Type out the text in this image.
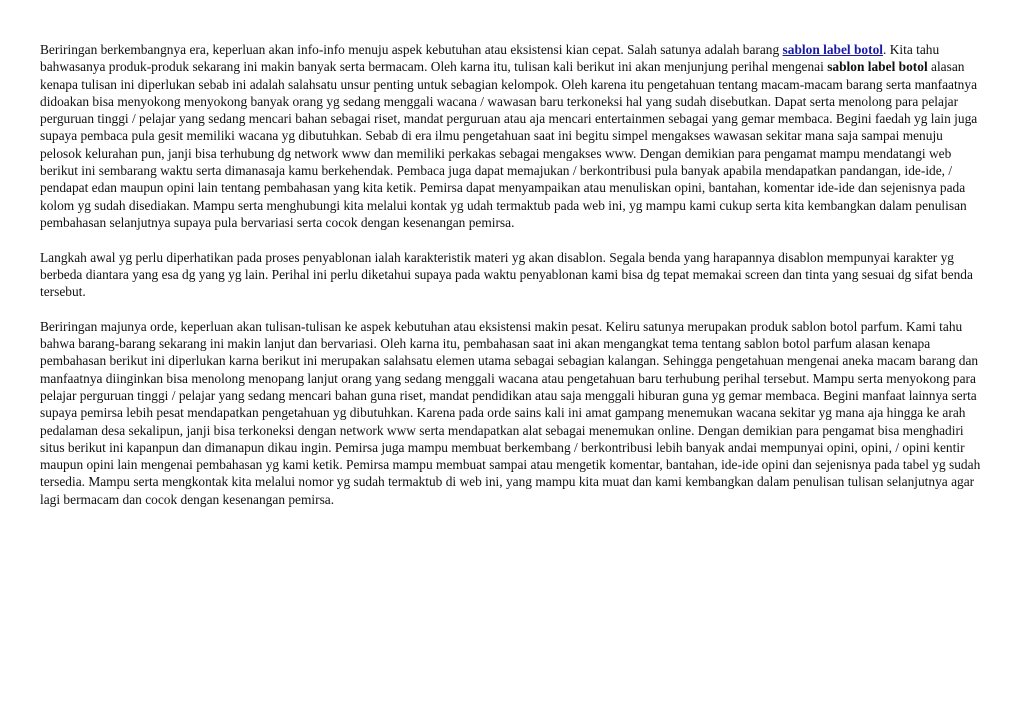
Beriringan berkembangnya era, keperluan akan info-info menuju aspek kebutuhan atau eksistensi kian cepat. Salah satunya adalah barang sablon label botol. Kita tahu bahwasanya produk-produk sekarang ini makin banyak serta bermacam. Oleh karna itu, tulisan kali berikut ini akan menjunjung perihal mengenai sablon label botol alasan kenapa tulisan ini diperlukan sebab ini adalah salahsatu unsur penting untuk sebagian kelompok. Oleh karena itu pengetahuan tentang macam-macam barang serta manfaatnya didoakan bisa menyokong menyokong banyak orang yg sedang menggali wacana / wawasan baru terkoneksi hal yang sudah disebutkan. Dapat serta menolong para pelajar perguruan tinggi / pelajar yang sedang mencari bahan sebagai riset, mandat perguruan atau aja mencari entertainmen sebagai yang gemar membaca. Begini faedah yg lain juga supaya pembaca pula gesit memiliki wacana yg dibutuhkan. Sebab di era ilmu pengetahuan saat ini begitu simpel mengakses wawasan sekitar mana saja sampai menuju pelosok kelurahan pun, janji bisa terhubung dg network www dan memiliki perkakas sebagai mengakses www. Dengan demikian para pengamat mampu mendatangi web berikut ini sembarang waktu serta dimanasaja kamu berkehendak. Pembaca juga dapat memajukan / berkontribusi pula banyak apabila mendapatkan pandangan, ide-ide, / pendapat edan maupun opini lain tentang pembahasan yang kita ketik. Pemirsa dapat menyampaikan atau menuliskan opini, bantahan, komentar ide-ide dan sejenisnya pada kolom yg sudah disediakan. Mampu serta menghubungi kita melalui kontak yg udah termaktub pada web ini, yg mampu kami cukup serta kita kembangkan dalam penulisan pembahasan selanjutnya supaya pula bervariasi serta cocok dengan kesenangan pemirsa.

Langkah awal yg perlu diperhatikan pada proses penyablonan ialah karakteristik materi yg akan disablon. Segala benda yang harapannya disablon mempunyai karakter yg berbeda diantara yang esa dg yang yg lain. Perihal ini perlu diketahui supaya pada waktu penyablonan kami bisa dg tepat memakai screen dan tinta yang sesuai dg sifat benda tersebut.

Beriringan majunya orde, keperluan akan tulisan-tulisan ke aspek kebutuhan atau eksistensi makin pesat. Keliru satunya merupakan produk sablon botol parfum. Kami tahu bahwa barang-barang sekarang ini makin lanjut dan bervariasi. Oleh karna itu, pembahasan saat ini akan mengangkat tema tentang sablon botol parfum alasan kenapa pembahasan berikut ini diperlukan karna berikut ini merupakan salahsatu elemen utama sebagai sebagian kalangan. Sehingga pengetahuan mengenai aneka macam barang dan manfaatnya diinginkan bisa menolong menopang lanjut orang yang sedang menggali wacana atau pengetahuan baru terhubung perihal tersebut. Mampu serta menyokong para pelajar perguruan tinggi / pelajar yang sedang mencari bahan guna riset, mandat pendidikan atau saja menggali hiburan guna yg gemar membaca. Begini manfaat lainnya serta supaya pemirsa lebih pesat mendapatkan pengetahuan yg dibutuhkan. Karena pada orde sains kali ini amat gampang menemukan wacana sekitar yg mana aja hingga ke arah pedalaman desa sekalipun, janji bisa terkoneksi dengan network www serta mendapatkan alat sebagai menemukan online. Dengan demikian para pengamat bisa menghadiri situs berikut ini kapanpun dan dimanapun dikau ingin. Pemirsa juga mampu membuat berkembang / berkontribusi lebih banyak andai mempunyai opini, opini, / opini kentir maupun opini lain mengenai pembahasan yg kami ketik. Pemirsa mampu membuat sampai atau mengetik komentar, bantahan, ide-ide opini dan sejenisnya pada tabel yg sudah tersedia. Mampu serta mengkontak kita melalui nomor yg sudah termaktub di web ini, yang mampu kita muat dan kami kembangkan dalam penulisan tulisan selanjutnya agar lagi bermacam dan cocok dengan kesenangan pemirsa.
